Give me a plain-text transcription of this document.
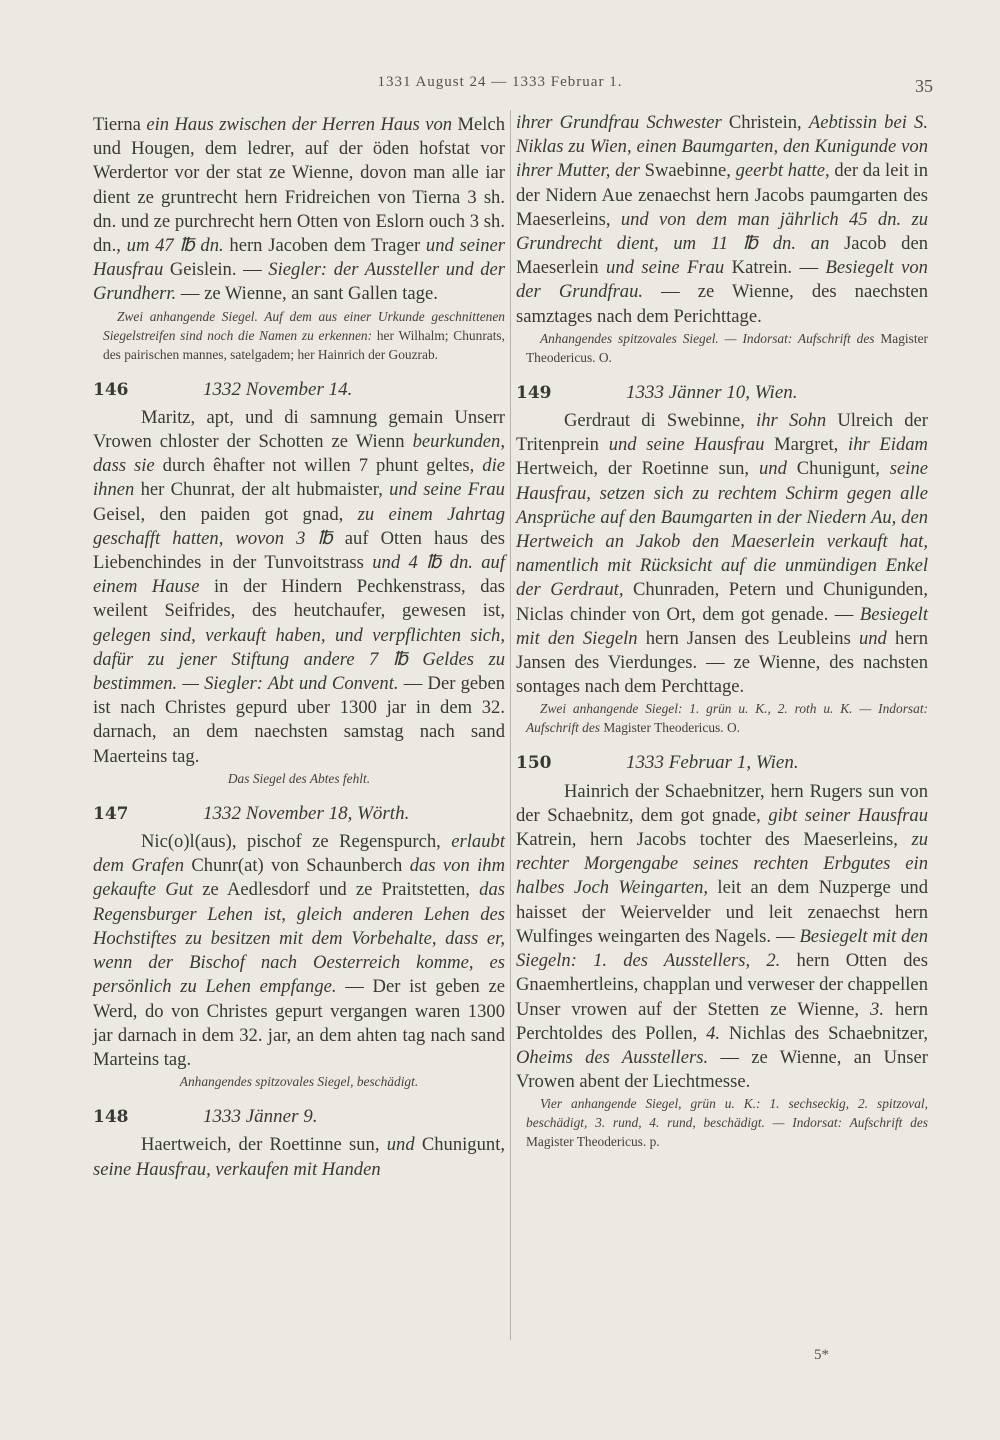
1331 August 24 — 1333 Februar 1.	35

Tierna ein Haus zwischen der Herren Haus von Melch und Hougen, dem ledrer, auf der öden hofstat vor Werdertor vor der stat ze Wienne, dovon man alle iar dient ze gruntrecht hern Fridreichen von Tierna 3 sh. dn. und ze purchrecht hern Otten von Eslorn ouch 3 sh. dn., um 47 ℔ dn. hern Jacoben dem Trager und seiner Hausfrau Geislein. — Siegler: der Aussteller und der Grundherr. — ze Wienne, an sant Gallen tage.

Zwei anhangende Siegel. Auf dem aus einer Urkunde geschnittenen Siegelstreifen sind noch die Namen zu erkennen: her Wilhalm; Chunrats, des pairischen mannes, satelgadem; her Hainrich der Gouzrab.

146	1332 November 14.

Maritz, apt, und di samnung gemain Unserr Vrowen chloster der Schotten ze Wienn beurkunden, dass sie durch êhafter not willen 7 phunt geltes, die ihnen her Chunrat, der alt hubmaister, und seine Frau Geisel, den paiden got gnad, zu einem Jahrtag geschafft hatten, wovon 3 ℔ auf Otten haus des Liebenchindes in der Tunvoitstrass und 4 ℔ dn. auf einem Hause in der Hindern Pechkenstrass, das weilent Seifrides, des heutchaufer, gewesen ist, gelegen sind, verkauft haben, und verpflichten sich, dafür zu jener Stiftung andere 7 ℔ Geldes zu bestimmen. — Siegler: Abt und Convent. — Der geben ist nach Christes gepurd uber 1300 jar in dem 32. darnach, an dem naechsten samstag nach sand Maerteins tag.

Das Siegel des Abtes fehlt.

147	1332 November 18, Wörth.

Nic(o)l(aus), pischof ze Regenspurch, erlaubt dem Grafen Chunr(at) von Schaunberch das von ihm gekaufte Gut ze Aedlesdorf und ze Praitstetten, das Regensburger Lehen ist, gleich anderen Lehen des Hochstiftes zu besitzen mit dem Vorbehalte, dass er, wenn der Bischof nach Oesterreich komme, es persönlich zu Lehen empfange. — Der ist geben ze Werd, do von Christes gepurt vergangen waren 1300 jar darnach in dem 32. jar, an dem ahten tag nach sand Marteins tag.

Anhangendes spitzovales Siegel, beschädigt.

148	1333 Jänner 9.

Haertweich, der Roettinne sun, und Chunigunt, seine Hausfrau, verkaufen mit Handen

ihrer Grundfrau Schwester Christein, Aebtissin bei S. Niklas zu Wien, einen Baumgarten, den Kunigunde von ihrer Mutter, der Swaebinne, geerbt hatte, der da leit in der Nidern Aue zenaechst hern Jacobs paumgarten des Maeserleins, und von dem man jährlich 45 dn. zu Grundrecht dient, um 11 ℔ dn. an Jacob den Maeserlein und seine Frau Katrein. — Besiegelt von der Grundfrau. — ze Wienne, des naechsten samztages nach dem Perichttage.

Anhangendes spitzovales Siegel. — Indorsat: Aufschrift des Magister Theodericus. O.

149	1333 Jänner 10, Wien.

Gerdraut di Swebinne, ihr Sohn Ulreich der Tritenprein und seine Hausfrau Margret, ihr Eidam Hertweich, der Roetinne sun, und Chunigunt, seine Hausfrau, setzen sich zu rechtem Schirm gegen alle Ansprüche auf den Baumgarten in der Niedern Au, den Hertweich an Jakob den Maeserlein verkauft hat, namentlich mit Rücksicht auf die unmündigen Enkel der Gerdraut, Chunraden, Petern und Chunigunden, Niclas chinder von Ort, dem got genade. — Besiegelt mit den Siegeln hern Jansen des Leubleins und hern Jansen des Vierdunges. — ze Wienne, des nachsten sontages nach dem Perchttage.

Zwei anhangende Siegel: 1. grün u. K., 2. roth u. K. — Indorsat: Aufschrift des Magister Theodericus. O.

150	1333 Februar 1, Wien.

Hainrich der Schaebnitzer, hern Rugers sun von der Schaebnitz, dem got gnade, gibt seiner Hausfrau Katrein, hern Jacobs tochter des Maeserleins, zu rechter Morgengabe seines rechten Erbgutes ein halbes Joch Weingarten, leit an dem Nuzperge und haisset der Weiervelder und leit zenaechst hern Wulfinges weingarten des Nagels. — Besiegelt mit den Siegeln: 1. des Ausstellers, 2. hern Otten des Gnaemhertleins, chapplan und verweser der chappellen Unser vrowen auf der Stetten ze Wienne, 3. hern Perchtoldes des Pollen, 4. Nichlas des Schaebnitzer, Oheims des Ausstellers. — ze Wienne, an Unser Vrowen abent der Liechtmesse.

Vier anhangende Siegel, grün u. K.: 1. sechseckig, 2. spitzoval, beschädigt, 3. rund, 4. rund, beschädigt. — Indorsat: Aufschrift des Magister Theodericus. p.

5*
